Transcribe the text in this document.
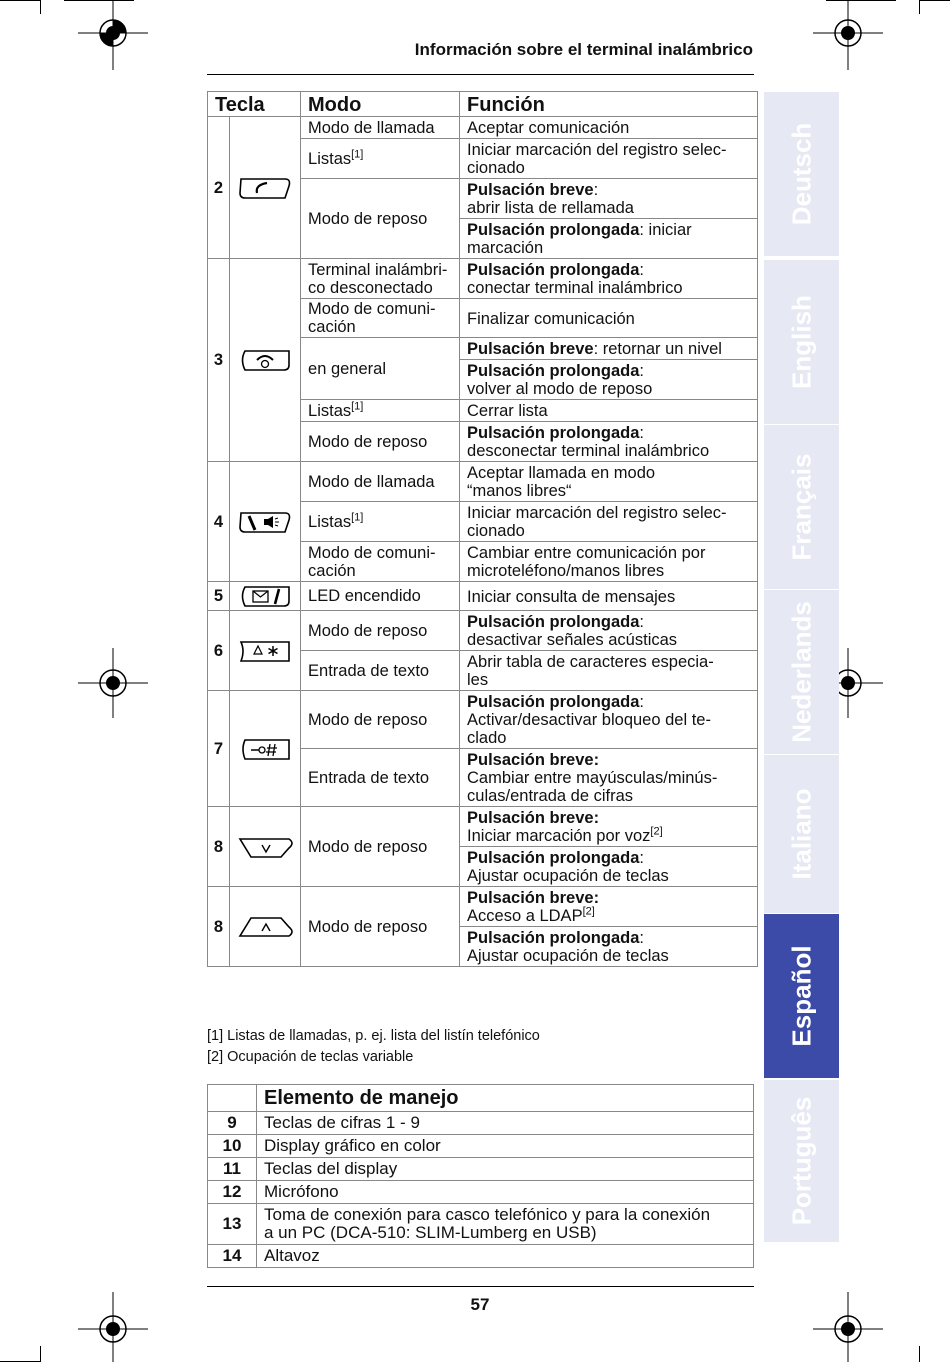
Información sobre el terminal inalámbrico
Tecla		Modo	Función
2		Modo de llamada	Aceptar comunicación
		Listas[1]	Iniciar marcación del registro selec-
cionado
		Modo de reposo	Pulsación breve:
abrir lista de rellamada
			Pulsación prolongada: iniciar
marcación
3		Terminal inalámbri-
co desconectado	Pulsación prolongada:
conectar terminal inalámbrico
		Modo de comuni-
cación	Finalizar comunicación
		en general	Pulsación breve: retornar un nivel
			Pulsación prolongada:
volver al modo de reposo
		Listas[1]	Cerrar lista
		Modo de reposo	Pulsación prolongada:
desconectar terminal inalámbrico
4		Modo de llamada	Aceptar llamada en modo
“manos libres“
		Listas[1]	Iniciar marcación del registro selec-
cionado
		Modo de comuni-
cación	Cambiar entre comunicación por
microteléfono/manos libres
5		LED encendido	Iniciar consulta de mensajes
6		Modo de reposo	Pulsación prolongada:
desactivar señales acústicas
		Entrada de texto	Abrir tabla de caracteres especia-
les
7		Modo de reposo	Pulsación prolongada:
Activar/desactivar bloqueo del te-
clado
		Entrada de texto	Pulsación breve:
Cambiar entre mayúsculas/minús-
culas/entrada de cifras
8		Modo de reposo	Pulsación breve:
Iniciar marcación por voz[2]
			Pulsación prolongada:
Ajustar ocupación de teclas
8		Modo de reposo	Pulsación breve:
Acceso a LDAP[2]
			Pulsación prolongada:
Ajustar ocupación de teclas
[1] Listas de llamadas, p. ej. lista del listín telefónico
[2] Ocupación de teclas variable
	Elemento de manejo
9	Teclas de cifras 1 - 9
10	Display gráfico en color
11	Teclas del display
12	Micrófono
13	Toma de conexión para casco telefónico y para la conexión
a un PC (DCA-510: SLIM-Lumberg en USB)
14	Altavoz
57
Deutsch
English
Français
Nederlands
Italiano
Español
Português
